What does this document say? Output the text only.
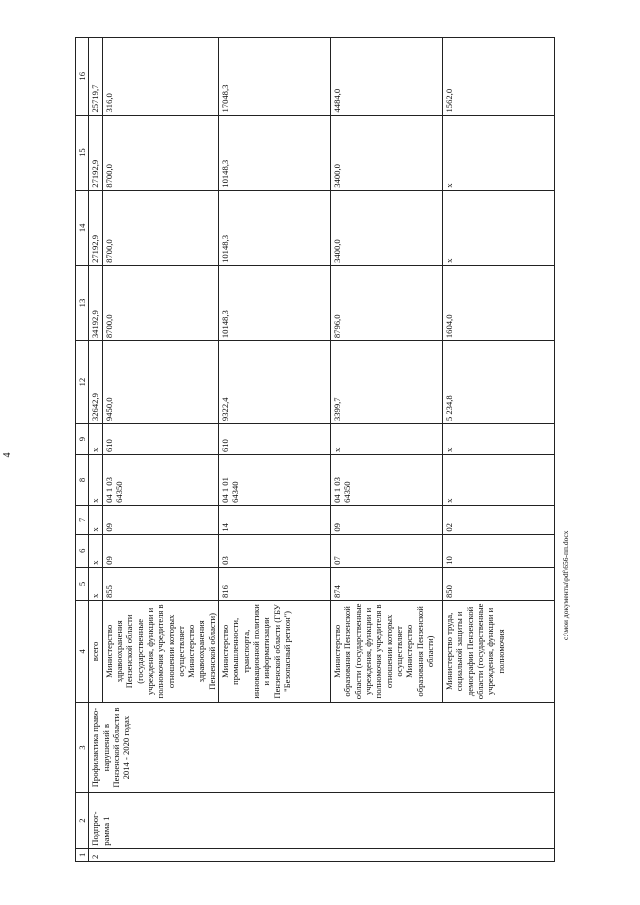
4
1	2	3	4	5	6	7	8	9	12	13	14	15	16
2	Подпрог-рамма 1	Профилактика право-нарушений в Пензенской области в 2014 - 2020 годах	всего	x	x	x	x	x	32642,9	34192,9	27192,9	27192,9	25719,7
			Министерство здравоохранения Пензенской области (государственные учреждения, функции и полномочия учредителя в отношении которых осуществляет Министерство здравоохранения Пензенской области)	855	09	09	04 1 03 64350	610	9450,0	8700,0	8700,0	8700,0	316,0
			Министерство промышленности, транспорта, инновационной политики и информатизации Пензенской области (ГБУ "Безопасный регион")	816	03	14	04 1 01 64340	610	9322,4	10148,3	10148,3	10148,3	17048,3
			Министерство образования Пензенской области (государственные учреждения, функции и полномочия учредителя в отношении которых осуществляет Министерство образования Пензенской области)	874	07	09	04 1 03 64350	x	3399,7	8796,0	3400,0	3400,0	4484,0
			Министерство труда, социальной защиты и демографии Пензенской области (государственные учреждения, функции и полномочия	850	10	02	x	x	5 234,8	1604,0	x	x	1562,0
c:\мои документы\pdf\656-пп.docx
